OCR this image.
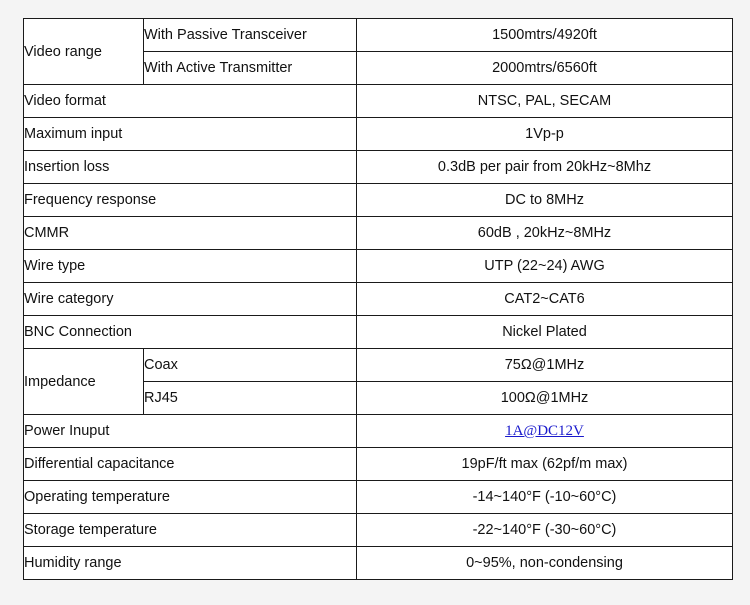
Video range	With Passive Transceiver	1500mtrs/4920ft
	With Active Transmitter	2000mtrs/6560ft
Video format		NTSC, PAL, SECAM
Maximum input		1Vp-p
Insertion loss		0.3dB per pair from 20kHz~8Mhz
Frequency response		DC to 8MHz
CMMR		60dB , 20kHz~8MHz
Wire type		UTP (22~24) AWG
Wire category		CAT2~CAT6
BNC Connection		Nickel Plated
Impedance	Coax	75Ω@1MHz
	RJ45	100Ω@1MHz
Power Inuput		1A@DC12V
Differential capacitance		19pF/ft max (62pf/m max)
Operating temperature		-14~140°F (-10~60°C)
Storage temperature		-22~140°F (-30~60°C)
Humidity range		0~95%, non-condensing
